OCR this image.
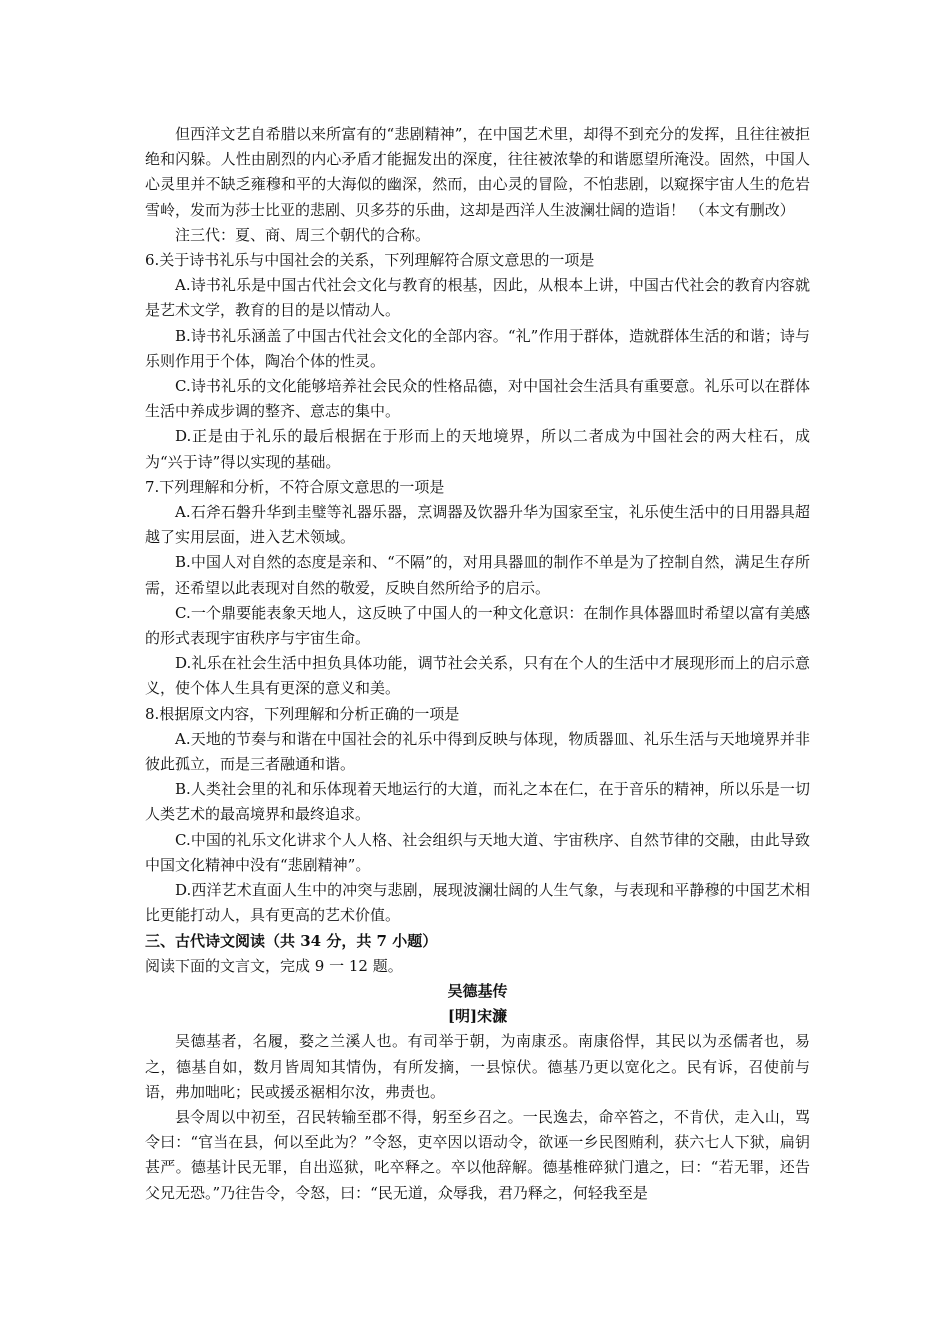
但西洋文艺自希腊以来所富有的“悲剧精神”，在中国艺术里，却得不到充分的发挥，且往往被拒绝和闪躲。人性由剧烈的内心矛盾才能掘发出的深度，往往被浓挚的和谐愿望所淹没。固然，中国人心灵里并不缺乏雍穆和平的大海似的幽深，然而，由心灵的冒险，不怕悲剧，以窥探宇宙人生的危岩雪岭，发而为莎士比亚的悲剧、贝多芬的乐曲，这却是西洋人生波澜壮阔的造诣！ （本文有删改）

注三代：夏、商、周三个朝代的合称。

6.关于诗书礼乐与中国社会的关系，下列理解符合原文意思的一项是

A.诗书礼乐是中国古代社会文化与教育的根基，因此，从根本上讲，中国古代社会的教育内容就是艺术文学，教育的目的是以情动人。

B.诗书礼乐涵盖了中国古代社会文化的全部内容。“礼”作用于群体，造就群体生活的和谐；诗与乐则作用于个体，陶冶个体的性灵。

C.诗书礼乐的文化能够培养社会民众的性格品德，对中国社会生活具有重要意。礼乐可以在群体生活中养成步调的整齐、意志的集中。

D.正是由于礼乐的最后根据在于形而上的天地境界，所以二者成为中国社会的两大柱石，成为“兴于诗”得以实现的基础。

7.下列理解和分析，不符合原文意思的一项是

A.石斧石磐升华到圭璧等礼器乐器，烹调器及饮器升华为国家至宝，礼乐使生活中的日用器具超越了实用层面，进入艺术领域。

B.中国人对自然的态度是亲和、“不隔”的，对用具器皿的制作不单是为了控制自然，满足生存所需，还希望以此表现对自然的敬爱，反映自然所给予的启示。

C.一个鼎要能表象天地人，这反映了中国人的一种文化意识：在制作具体器皿时希望以富有美感的形式表现宇宙秩序与宇宙生命。

D.礼乐在社会生活中担负具体功能，调节社会关系，只有在个人的生活中才展现形而上的启示意义，使个体人生具有更深的意义和美。

8.根据原文内容，下列理解和分析正确的一项是

A.天地的节奏与和谐在中国社会的礼乐中得到反映与体现，物质器皿、礼乐生活与天地境界并非彼此孤立，而是三者融通和谐。

B.人类社会里的礼和乐体现着天地运行的大道，而礼之本在仁，在于音乐的精神，所以乐是一切人类艺术的最高境界和最终追求。

C.中国的礼乐文化讲求个人人格、社会组织与天地大道、宇宙秩序、自然节律的交融，由此导致中国文化精神中没有“悲剧精神”。

D.西洋艺术直面人生中的冲突与悲剧，展现波澜壮阔的人生气象，与表现和平静穆的中国艺术相比更能打动人，具有更高的艺术价值。

三、古代诗文阅读（共 34 分，共 7 小题）

阅读下面的文言文，完成 9 一 12 题。

吴德基传

[明]宋濂

吴德基者，名履，婺之兰溪人也。有司举于朝，为南康丞。南康俗悍，其民以为丞儒者也，易之，德基自如，数月皆周知其情伪，有所发摘，一县惊伏。德基乃更以宽化之。民有诉，召使前与语，弗加咄叱；民或援丞裾相尔汝，弗责也。

县令周以中初至，召民转输至郡不得，躬至乡召之。一民逸去，命卒笞之，不肯伏，走入山，骂令曰：“官当在县，何以至此为？”令怒，吏卒因以语动令，欲诬一乡民图贿利，获六七人下狱，扁钥甚严。德基计民无罪，自出巡狱，叱卒释之。卒以他辞解。德基椎碎狱门遣之，曰：“若无罪，还告父兄无恐。”乃往告令，令怒，曰：“民无道，众辱我，君乃释之，何轻我至是
